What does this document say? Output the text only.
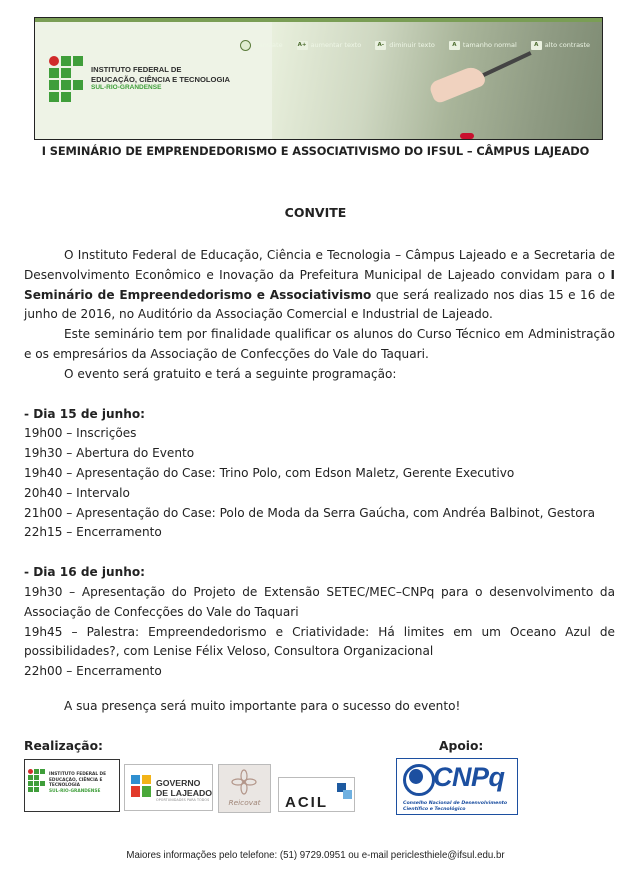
translate	A+ aumentar texto	A- diminuir texto	A tamanho normal	A alto contraste
INSTITUTO FEDERAL DE
EDUCAÇÃO, CIÊNCIA E TECNOLOGIA
SUL-RIO-GRANDENSE
I SEMINÁRIO DE EMPRENDEDORISMO E ASSOCIATIVISMO DO IFSUL – CÂMPUS LAJEADO
CONVITE

O Instituto Federal de Educação, Ciência e Tecnologia – Câmpus Lajeado e a Secretaria de Desenvolvimento Econômico e Inovação da Prefeitura Municipal de Lajeado convidam para o I Seminário de Empreendedorismo e Associativismo que será realizado nos dias 15 e 16 de junho de 2016, no Auditório da Associação Comercial e Industrial de Lajeado.

Este seminário tem por finalidade qualificar os alunos do Curso Técnico em Administração e os empresários da Associação de Confecções do Vale do Taquari.

O evento será gratuito e terá a seguinte programação:

- Dia 15 de junho:

19h00 – Inscrições

19h30 – Abertura do Evento

19h40 – Apresentação do Case: Trino Polo, com Edson Maletz, Gerente Executivo

20h40 – Intervalo

21h00 – Apresentação do Case: Polo de Moda da Serra Gaúcha, com Andréa Balbinot, Gestora

22h15 – Encerramento

- Dia 16 de junho:

19h30 – Apresentação do Projeto de Extensão SETEC/MEC–CNPq para o desenvolvimento da Associação de Confecções do Vale do Taquari

19h45 – Palestra: Empreendedorismo e Criatividade: Há limites em um Oceano Azul de possibilidades?, com Lenise Félix Veloso, Consultora Organizacional

22h00 – Encerramento

A sua presença será muito importante para o sucesso do evento!
Realização:	Apoio:
INSTITUTO FEDERAL DE
EDUCAÇÃO, CIÊNCIA E TECNOLOGIA
SUL-RIO-GRANDENSE
GOVERNO
DE LAJEADO
OPORTUNIDADES PARA TODOS	Reicovat	ACIL
CNPq
Conselho Nacional de Desenvolvimento Científico e Tecnológico
Maiores informações pelo telefone: (51) 9729.0951 ou e-mail periclesthiele@ifsul.edu.br
